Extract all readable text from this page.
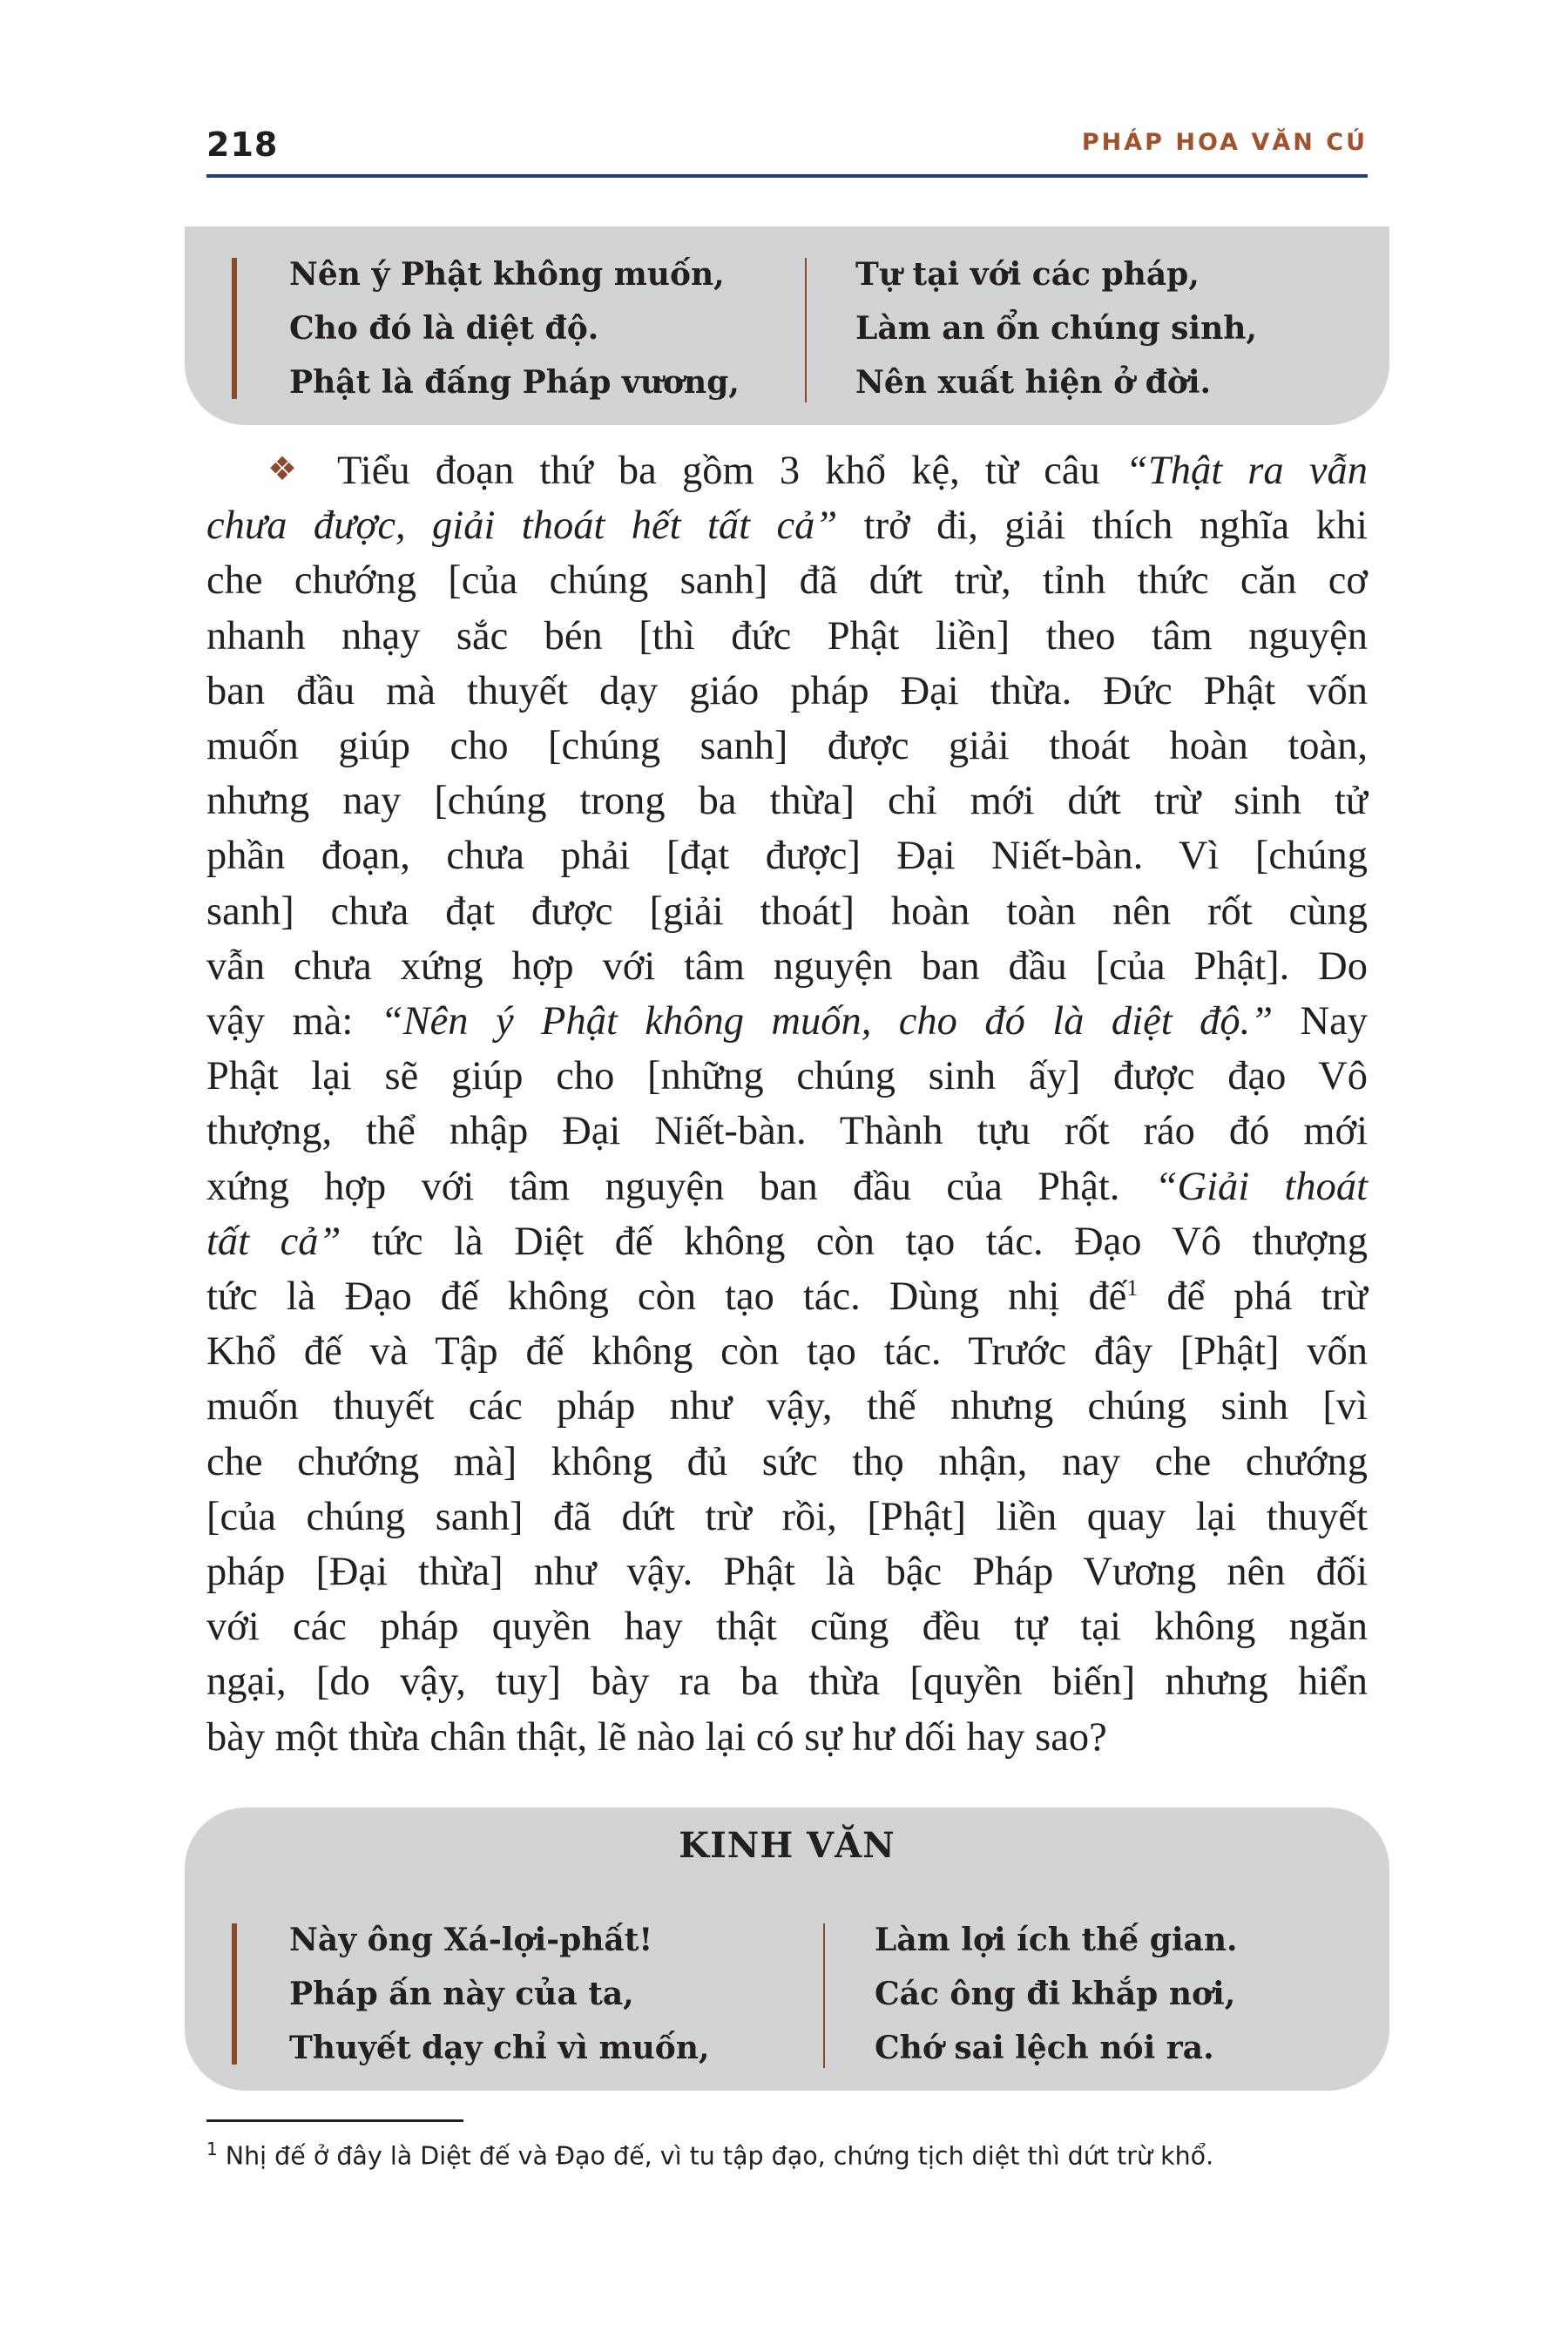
218	PHÁP HOA VĂN CÚ
Nên ý Phật không muốn,
Cho đó là diệt độ.
Phật là đấng Pháp vương,
Tự tại với các pháp,
Làm an ổn chúng sinh,
Nên xuất hiện ở đời.
❖ Tiểu đoạn thứ ba gồm 3 khổ kệ, từ câu “Thật ra vẫn
chưa được, giải thoát hết tất cả” trở đi, giải thích nghĩa khi
che chướng [của chúng sanh] đã dứt trừ, tỉnh thức căn cơ
nhanh nhạy sắc bén [thì đức Phật liền] theo tâm nguyện
ban đầu mà thuyết dạy giáo pháp Đại thừa. Đức Phật vốn
muốn giúp cho [chúng sanh] được giải thoát hoàn toàn,
nhưng nay [chúng trong ba thừa] chỉ mới dứt trừ sinh tử
phần đoạn, chưa phải [đạt được] Đại Niết-bàn. Vì [chúng
sanh] chưa đạt được [giải thoát] hoàn toàn nên rốt cùng
vẫn chưa xứng hợp với tâm nguyện ban đầu [của Phật]. Do
vậy mà: “Nên ý Phật không muốn, cho đó là diệt độ.” Nay
Phật lại sẽ giúp cho [những chúng sinh ấy] được đạo Vô
thượng, thể nhập Đại Niết-bàn. Thành tựu rốt ráo đó mới
xứng hợp với tâm nguyện ban đầu của Phật. “Giải thoát
tất cả” tức là Diệt đế không còn tạo tác. Đạo Vô thượng
tức là Đạo đế không còn tạo tác. Dùng nhị đế$^1$ để phá trừ
Khổ đế và Tập đế không còn tạo tác. Trước đây [Phật] vốn
muốn thuyết các pháp như vậy, thế nhưng chúng sinh [vì
che chướng mà] không đủ sức thọ nhận, nay che chướng
[của chúng sanh] đã dứt trừ rồi, [Phật] liền quay lại thuyết
pháp [Đại thừa] như vậy. Phật là bậc Pháp Vương nên đối
với các pháp quyền hay thật cũng đều tự tại không ngăn
ngại, [do vậy, tuy] bày ra ba thừa [quyền biến] nhưng hiển
bày một thừa chân thật, lẽ nào lại có sự hư dối hay sao?
KINH VĂN
Này ông Xá-lợi-phất!
Pháp ấn này của ta,
Thuyết dạy chỉ vì muốn,
Làm lợi ích thế gian.
Các ông đi khắp nơi,
Chớ sai lệch nói ra.
$^1$ Nhị đế ở đây là Diệt đế và Đạo đế, vì tu tập đạo, chứng tịch diệt thì dứt trừ khổ.
